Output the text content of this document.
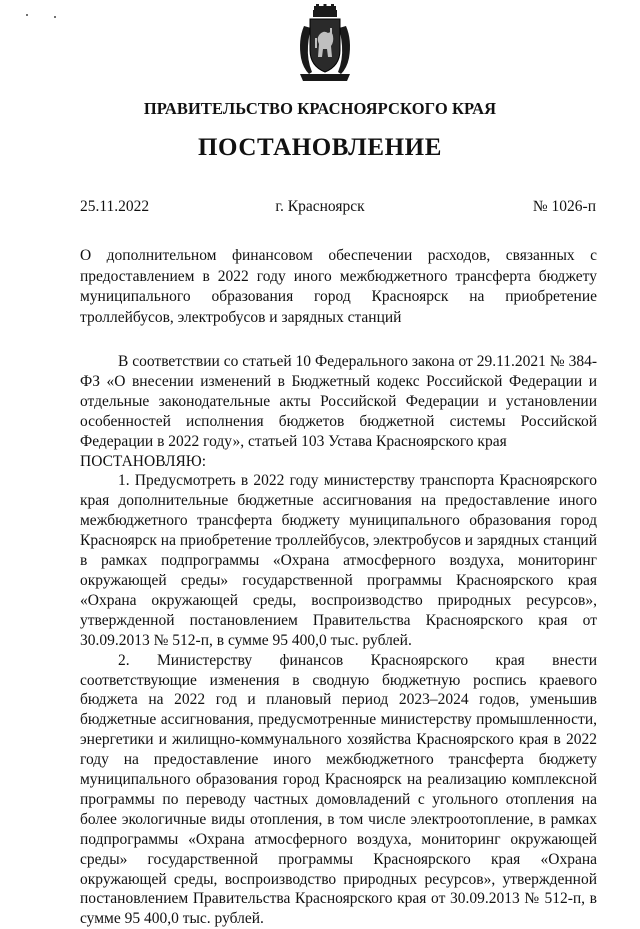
ПРАВИТЕЛЬСТВО КРАСНОЯРСКОГО КРАЯ
ПОСТАНОВЛЕНИЕ
25.11.2022	г. Красноярск	№ 1026-п
О дополнительном финансовом обеспечении расходов, связанных с предоставлением в 2022 году иного межбюджетного трансферта бюджету муниципального образования город Красноярск на приобретение троллейбусов, электробусов и зарядных станций

В соответствии со статьей 10 Федерального закона от 29.11.2021 № 384-ФЗ «О внесении изменений в Бюджетный кодекс Российской Федерации и отдельные законодательные акты Российской Федерации и установлении особенностей исполнения бюджетов бюджетной системы Российской Федерации в 2022 году», статьей 103 Устава Красноярского края

ПОСТАНОВЛЯЮ:

1. Предусмотреть в 2022 году министерству транспорта Красноярского края дополнительные бюджетные ассигнования на предоставление иного межбюджетного трансферта бюджету муниципального образования город Красноярск на приобретение троллейбусов, электробусов и зарядных станций в рамках подпрограммы «Охрана атмосферного воздуха, мониторинг окружающей среды» государственной программы Красноярского края «Охрана окружающей среды, воспроизводство природных ресурсов», утвержденной постановлением Правительства Красноярского края от 30.09.2013 № 512-п, в сумме 95 400,0 тыс. рублей.

2. Министерству финансов Красноярского края внести соответствующие изменения в сводную бюджетную роспись краевого бюджета на 2022 год и плановый период 2023–2024 годов, уменьшив бюджетные ассигнования, предусмотренные министерству промышленности, энергетики и жилищно-коммунального хозяйства Красноярского края в 2022 году на предоставление иного межбюджетного трансферта бюджету муниципального образования город Красноярск на реализацию комплексной программы по переводу частных домовладений с угольного отопления на более экологичные виды отопления, в том числе электроотопление, в рамках подпрограммы «Охрана атмосферного воздуха, мониторинг окружающей среды» государственной программы Красноярского края «Охрана окружающей среды, воспроизводство природных ресурсов», утвержденной постановлением Правительства Красноярского края от 30.09.2013 № 512-п, в сумме 95 400,0 тыс. рублей.
